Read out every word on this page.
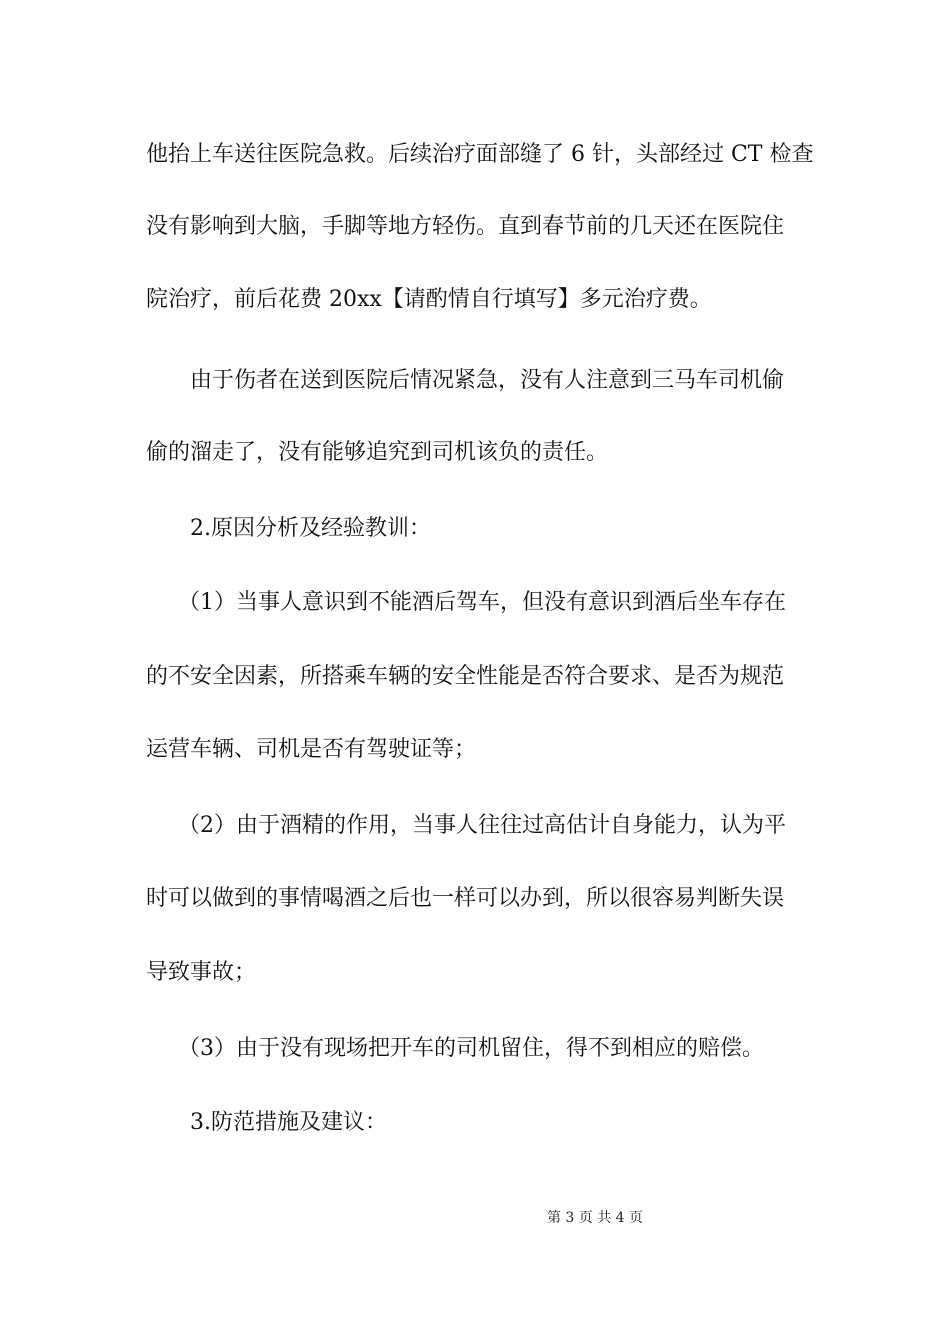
他抬上车送往医院急救。后续治疗面部缝了 6 针，头部经过 CT 检查
没有影响到大脑，手脚等地方轻伤。直到春节前的几天还在医院住
院治疗，前后花费 20xx【请酌情自行填写】多元治疗费。
由于伤者在送到医院后情况紧急，没有人注意到三马车司机偷
偷的溜走了，没有能够追究到司机该负的责任。
2.原因分析及经验教训：
（1）当事人意识到不能酒后驾车，但没有意识到酒后坐车存在
的不安全因素，所搭乘车辆的安全性能是否符合要求、是否为规范
运营车辆、司机是否有驾驶证等；
（2）由于酒精的作用，当事人往往过高估计自身能力，认为平
时可以做到的事情喝酒之后也一样可以办到，所以很容易判断失误
导致事故；
（3）由于没有现场把开车的司机留住，得不到相应的赔偿。
3.防范措施及建议：
第 3 页 共 4 页
